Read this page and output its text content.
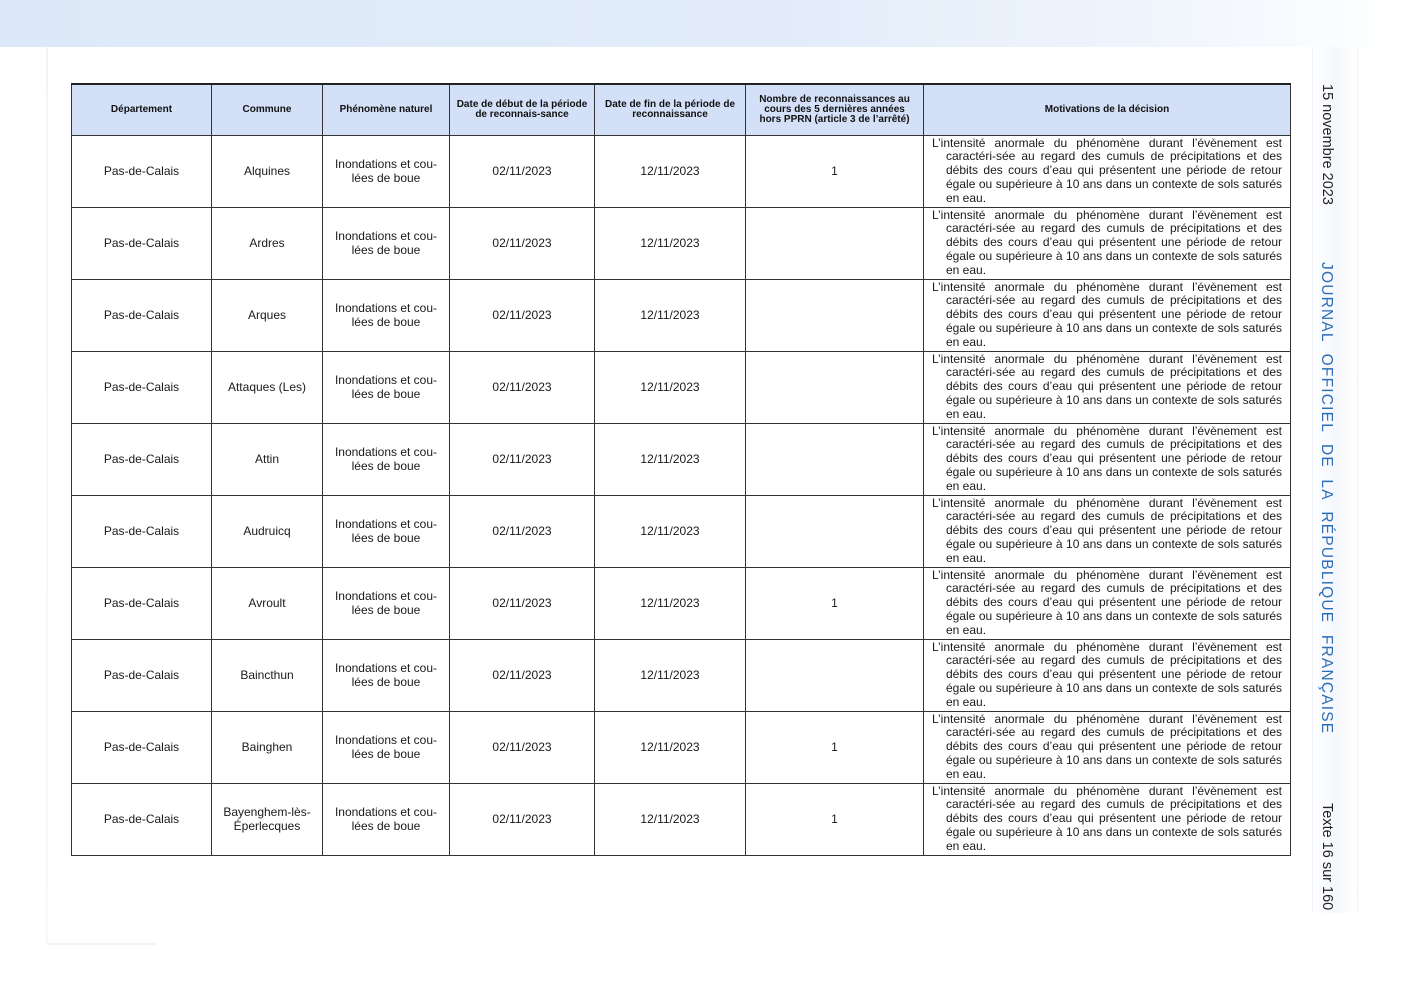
15 novembre 2023
JOURNAL OFFICIEL DE LA RÉPUBLIQUE FRANÇAISE
Texte 16 sur 160
Département	Commune	Phénomène naturel	Date de début de la période de reconnais-sance	Date de fin de la période de reconnaissance	Nombre de reconnaissances au cours des 5 dernières années hors PPRN (article 3 de l’arrêté)	Motivations de la décision
Pas-de-Calais	Alquines	Inondations et cou-lées de boue	02/11/2023	12/11/2023	1	L’intensité anormale du phénomène durant l’évènement est caractéri-sée au regard des cumuls de précipitations et des débits des cours d’eau qui présentent une période de retour égale ou supérieure à 10 ans dans un contexte de sols saturés en eau.

Pas-de-Calais	Ardres	Inondations et cou-lées de boue	02/11/2023	12/11/2023		L’intensité anormale du phénomène durant l’évènement est caractéri-sée au regard des cumuls de précipitations et des débits des cours d’eau qui présentent une période de retour égale ou supérieure à 10 ans dans un contexte de sols saturés en eau.

Pas-de-Calais	Arques	Inondations et cou-lées de boue	02/11/2023	12/11/2023		L’intensité anormale du phénomène durant l’évènement est caractéri-sée au regard des cumuls de précipitations et des débits des cours d’eau qui présentent une période de retour égale ou supérieure à 10 ans dans un contexte de sols saturés en eau.

Pas-de-Calais	Attaques (Les)	Inondations et cou-lées de boue	02/11/2023	12/11/2023		L’intensité anormale du phénomène durant l’évènement est caractéri-sée au regard des cumuls de précipitations et des débits des cours d’eau qui présentent une période de retour égale ou supérieure à 10 ans dans un contexte de sols saturés en eau.

Pas-de-Calais	Attin	Inondations et cou-lées de boue	02/11/2023	12/11/2023		L’intensité anormale du phénomène durant l’évènement est caractéri-sée au regard des cumuls de précipitations et des débits des cours d’eau qui présentent une période de retour égale ou supérieure à 10 ans dans un contexte de sols saturés en eau.

Pas-de-Calais	Audruicq	Inondations et cou-lées de boue	02/11/2023	12/11/2023		L’intensité anormale du phénomène durant l’évènement est caractéri-sée au regard des cumuls de précipitations et des débits des cours d’eau qui présentent une période de retour égale ou supérieure à 10 ans dans un contexte de sols saturés en eau.

Pas-de-Calais	Avroult	Inondations et cou-lées de boue	02/11/2023	12/11/2023	1	L’intensité anormale du phénomène durant l’évènement est caractéri-sée au regard des cumuls de précipitations et des débits des cours d’eau qui présentent une période de retour égale ou supérieure à 10 ans dans un contexte de sols saturés en eau.

Pas-de-Calais	Baincthun	Inondations et cou-lées de boue	02/11/2023	12/11/2023		L’intensité anormale du phénomène durant l’évènement est caractéri-sée au regard des cumuls de précipitations et des débits des cours d’eau qui présentent une période de retour égale ou supérieure à 10 ans dans un contexte de sols saturés en eau.

Pas-de-Calais	Bainghen	Inondations et cou-lées de boue	02/11/2023	12/11/2023	1	L’intensité anormale du phénomène durant l’évènement est caractéri-sée au regard des cumuls de précipitations et des débits des cours d’eau qui présentent une période de retour égale ou supérieure à 10 ans dans un contexte de sols saturés en eau.

Pas-de-Calais	Bayenghem-lès-Éperlecques	Inondations et cou-lées de boue	02/11/2023	12/11/2023	1	L’intensité anormale du phénomène durant l’évènement est caractéri-sée au regard des cumuls de précipitations et des débits des cours d’eau qui présentent une période de retour égale ou supérieure à 10 ans dans un contexte de sols saturés en eau.
